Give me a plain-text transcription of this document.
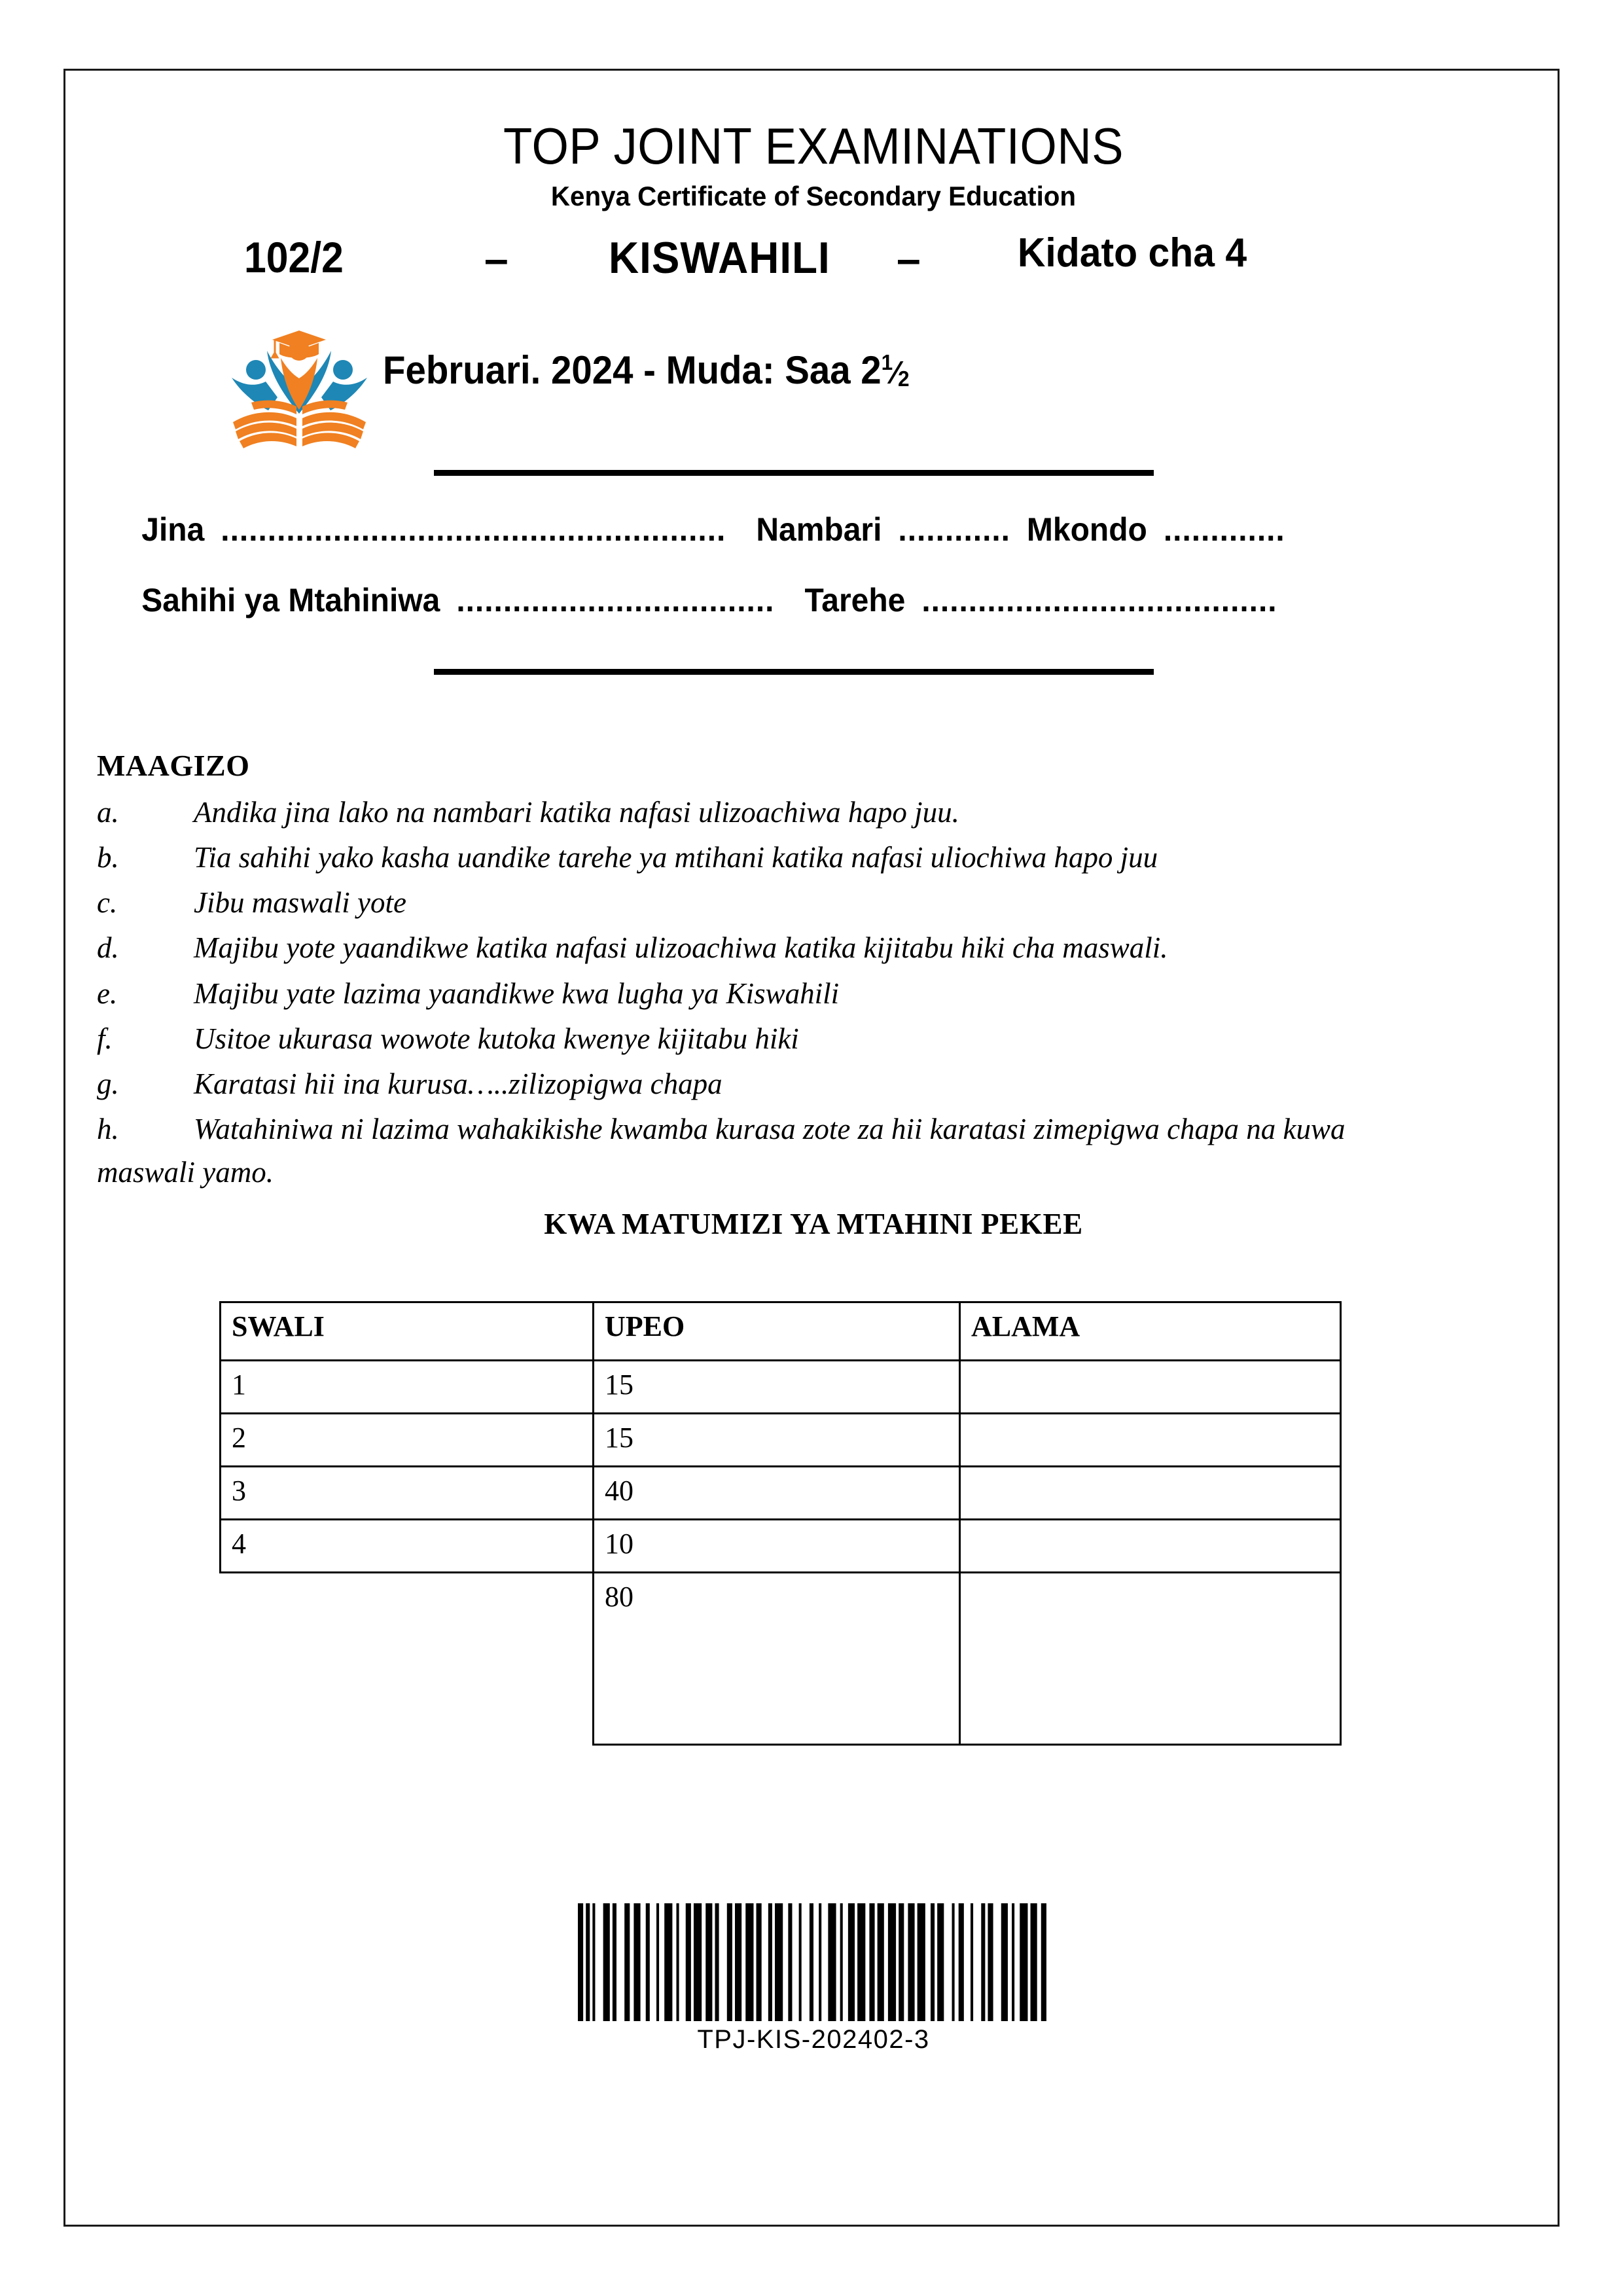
TOP JOINT EXAMINATIONS
Kenya Certificate of Secondary Education
102/2	– KISWAHILI – Kidato cha 4
Februari. 2024 - Muda: Saa $2^1⁄_2$
Jina ...................................................... Nambari ............ Mkondo .............
Sahihi ya Mtahiniwa .................................. Tarehe ......................................
MAAGIZO
a.	Andika jina lako na nambari katika nafasi ulizoachiwa hapo juu.
b.	Tia sahihi yako kasha uandike tarehe ya mtihani katika nafasi uliochiwa hapo juu
c.	Jibu maswali yote
d.	Majibu yote yaandikwe katika nafasi ulizoachiwa katika kijitabu hiki cha maswali.
e.	Majibu yate lazima yaandikwe kwa lugha ya Kiswahili
f.	Usitoe ukurasa wowote kutoka kwenye kijitabu hiki
g.	Karatasi hii ina kurusa…..zilizopigwa chapa
h.	Watahiniwa ni lazima wahakikishe kwamba kurasa zote za hii karatasi zimepigwa chapa na kuwa
maswali yamo.
KWA MATUMIZI YA MTAHINI PEKEE
SWALI	UPEO	ALAMA
1	15	
2	15	
3	40	
4	10	
	80	
TPJ-KIS-202402-3
